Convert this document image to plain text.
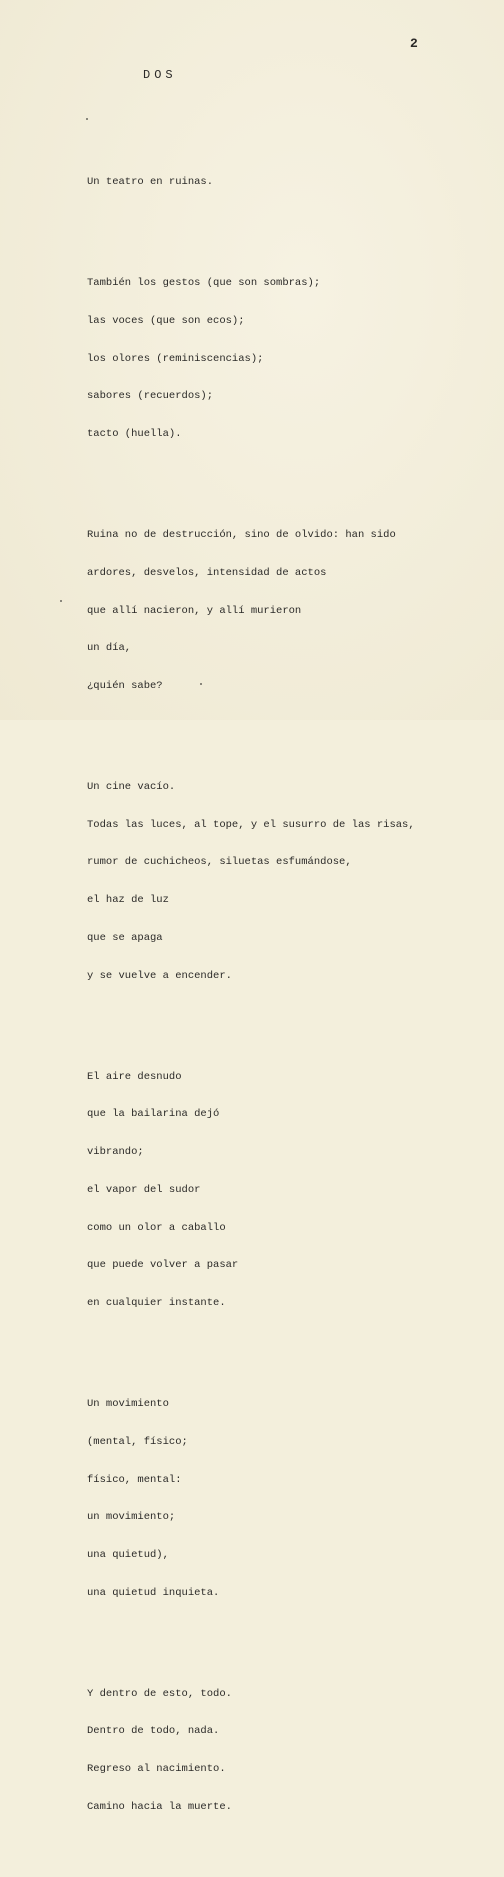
2
DOS

Un teatro en ruinas.

También los gestos (que son sombras);

las voces (que son ecos);

los olores (reminiscencias);

sabores (recuerdos);

tacto (huella).

Ruina no de destrucción, sino de olvido: han sido

ardores, desvelos, intensidad de actos

que allí nacieron, y allí murieron

un día,

¿quién sabe?

Un cine vacío.

Todas las luces, al tope, y el susurro de las risas,

rumor de cuchicheos, siluetas esfumándose,

el haz de luz

que se apaga

y se vuelve a encender.

El aire desnudo

que la bailarina dejó

vibrando;

el vapor del sudor

como un olor a caballo

que puede volver a pasar

en cualquier instante.

Un movimiento

(mental, físico;

físico, mental:

un movimiento;

una quietud),

una quietud inquieta.

Y dentro de esto, todo.

Dentro de todo, nada.

Regreso al nacimiento.

Camino hacia la muerte.
